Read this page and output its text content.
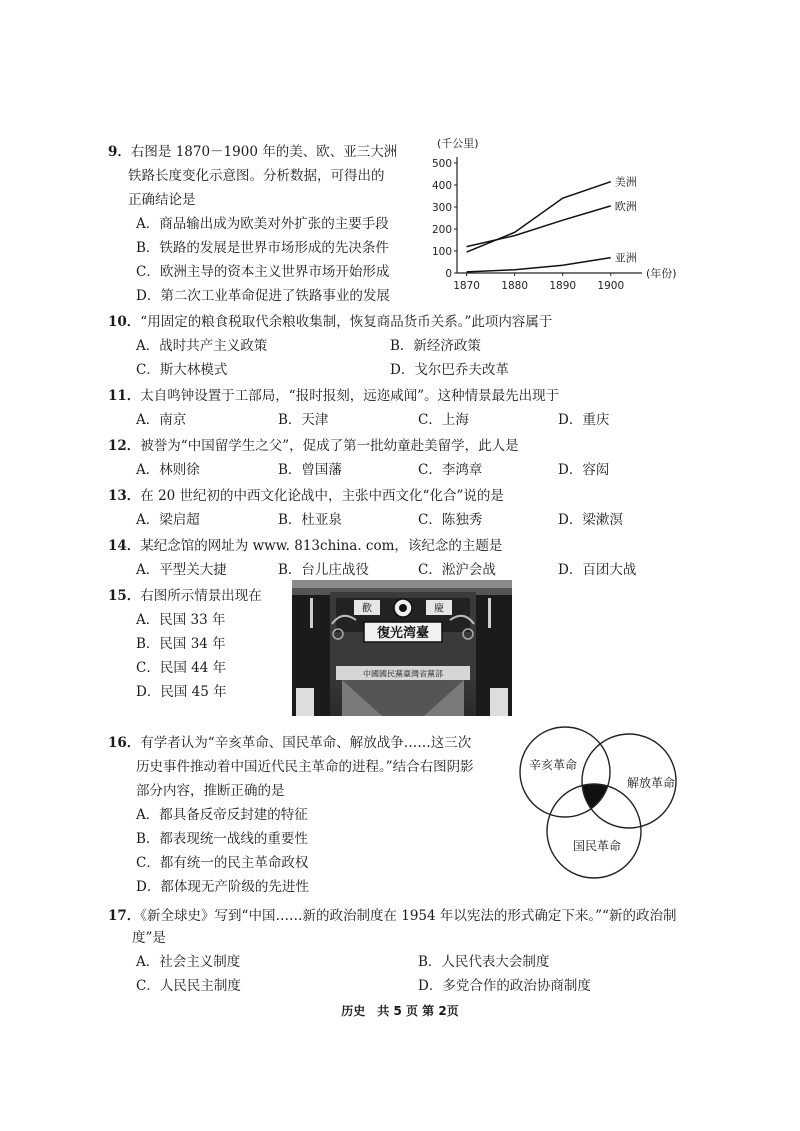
9．右图是 1870－1900 年的美、欧、亚三大洲
铁路长度变化示意图。分析数据，可得出的
正确结论是
A．商品输出成为欧美对外扩张的主要手段
B．铁路的发展是世界市场形成的先决条件
C．欧洲主导的资本主义世界市场开始形成
D．第二次工业革命促进了铁路事业的发展
(千公里)
(年份)
0
100
200
300
400
500
1870 1880 1890 1900
美洲
欧洲
亚洲
10．“用固定的粮食税取代余粮收集制，恢复商品货币关系。”此项内容属于
A．战时共产主义政策	B．新经济政策
C．斯大林模式	D．戈尔巴乔夫改革
11．太自鸣钟设置于工部局，“报时报刻，远迩咸闻”。这种情景最先出现于
A．南京	B．天津	C．上海	D．重庆
12．被誉为“中国留学生之父”，促成了第一批幼童赴美留学，此人是
A．林则徐	B．曾国藩	C．李鸿章	D．容闳
13．在 20 世纪初的中西文化论战中，主张中西文化“化合”说的是
A．梁启超	B．杜亚泉	C．陈独秀	D．梁漱溟
14．某纪念馆的网址为 www. 813china. com，该纪念的主题是
A．平型关大捷	B．台儿庄战役	C．淞沪会战	D．百团大战
15．右图所示情景出现在
A．民国 33 年
B．民国 34 年
C．民国 44 年
D．民国 45 年
歡	慶
復光湾臺
中國國民黨臺灣省黨部
16．有学者认为“辛亥革命、国民革命、解放战争……这三次
历史事件推动着中国近代民主革命的进程。”结合右图阴影
部分内容，推断正确的是
A．都具备反帝反封建的特征
B．都表现统一战线的重要性
C．都有统一的民主革命政权
D．都体现无产阶级的先进性
辛亥革命
解放革命
国民革命
17．《新全球史》写到“中国……新的政治制度在 1954 年以宪法的形式确定下来。”“新的政治制
度”是
A．社会主义制度	B．人民代表大会制度
C．人民民主制度	D．多党合作的政治协商制度
历史　共 5 页 第 2页
